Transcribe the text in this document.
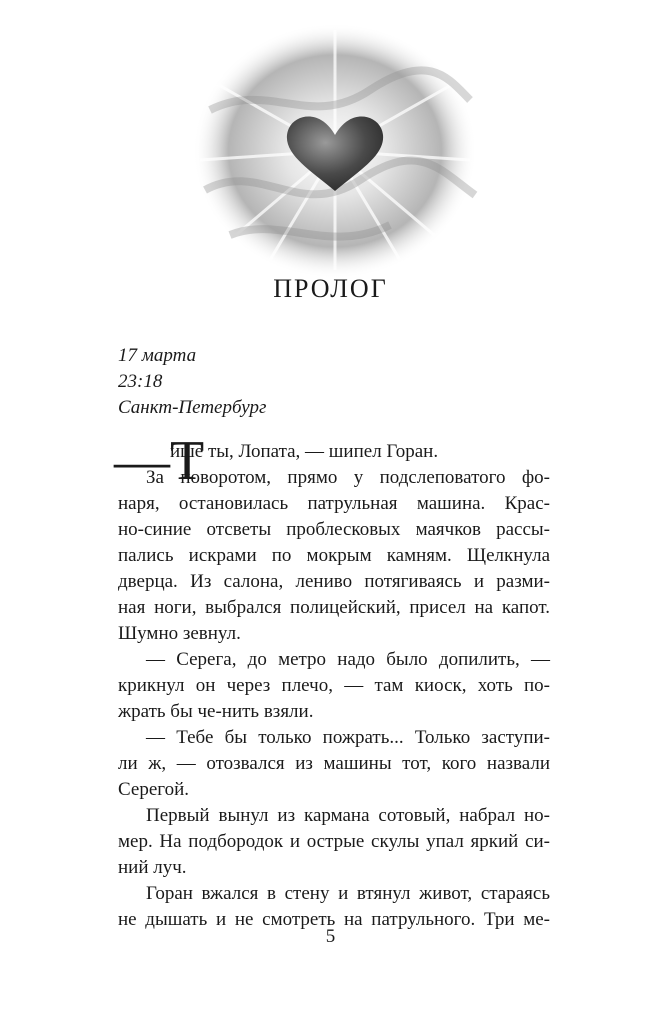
ПРОЛОГ
17 марта
23:18
Санкт-Петербург
—Т
ише ты, Лопата, — шипел Горан.
За поворотом, прямо у подслеповатого фо-
наря, остановилась патрульная машина. Крас-
но-синие отсветы проблесковых маячков рассы-
пались искрами по мокрым камням. Щелкнула
дверца. Из салона, лениво потягиваясь и разми-
ная ноги, выбрался полицейский, присел на капот.
Шумно зевнул.
— Серега, до метро надо было допилить, —
крикнул он через плечо, — там киоск, хоть по-
жрать бы че-нить взяли.
— Тебе бы только пожрать... Только заступи-
ли ж, — отозвался из машины тот, кого назвали
Серегой.
Первый вынул из кармана сотовый, набрал но-
мер. На подбородок и острые скулы упал яркий си-
ний луч.
Горан вжался в стену и втянул живот, стараясь
не дышать и не смотреть на патрульного. Три ме-
5
